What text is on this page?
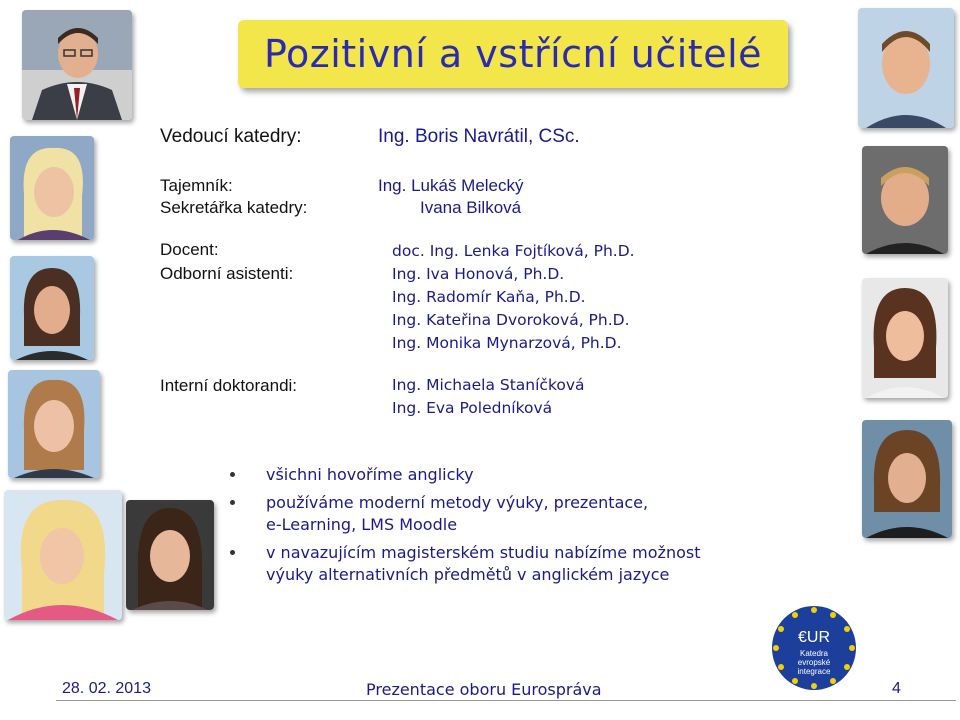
Pozitivní a vstřícní učitelé
Vedoucí katedry:
Tajemník:
Sekretářka katedry:
Docent:
Odborní asistenti:
Interní doktorandi:
Ing. Boris Navrátil, CSc.
Ing. Lukáš Melecký
Ivana Bilková
doc. Ing. Lenka Fojtíková, Ph.D.
Ing. Iva Honová, Ph.D.
Ing. Radomír Kaňa, Ph.D.
Ing. Kateřina Dvoroková, Ph.D.
Ing. Monika Mynarzová, Ph.D.
Ing. Michaela Staníčková
Ing. Eva Poledníková
všichni hovoříme anglicky
používáme moderní metody výuky, prezentace,
e-Learning, LMS Moodle
v navazujícím magisterském studiu nabízíme možnost
výuky alternativních předmětů v anglickém jazyce
€UR
Katedra
evropské
integrace
28. 02. 2013	Prezentace oboru Eurospráva	4
